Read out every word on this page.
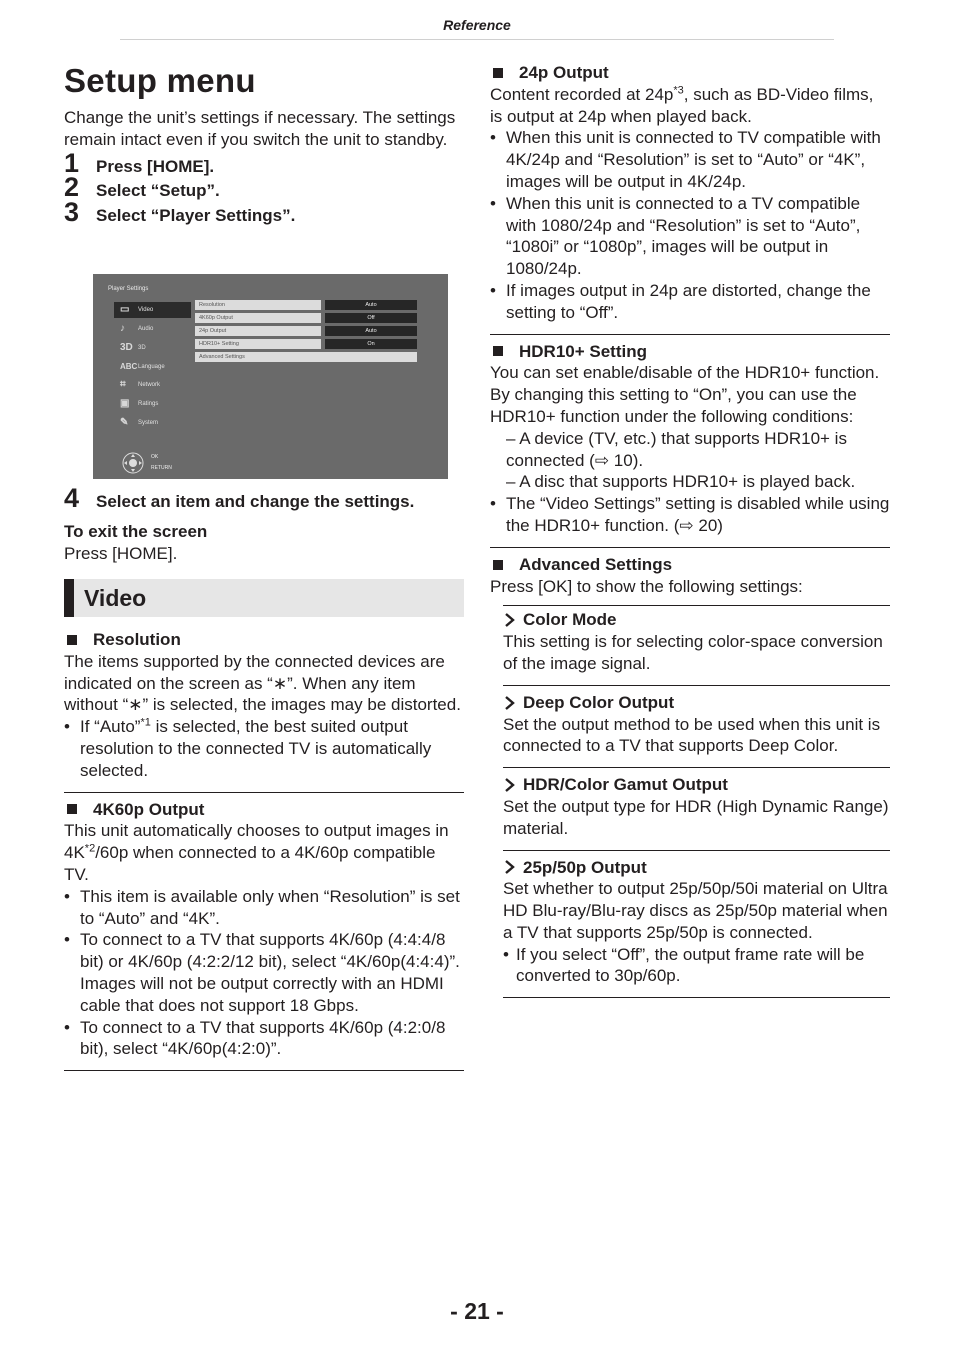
Reference
Setup menu

Change the unit’s settings if necessary. The settings remain intact even if you switch the unit to standby.

1 Press [HOME].
2 Select “Setup”.
3 Select “Player Settings”.
Player Settings
▭ Video
♪ Audio
3D 3D
ABC Language
⌗ Network
▣ Ratings
✎ System
Resolution	Auto
4K60p Output	Off
24p Output	Auto
HDR10+ Setting	On
Advanced Settings
OK
RETURN
4 Select an item and change the settings.

To exit the screen

Press [HOME].

Video
Resolution

The items supported by the connected devices are indicated on the screen as “∗”. When any item without “∗” is selected, the images may be distorted.

•

If “Auto”$^{*1}$ is selected, the best suited output resolution to the connected TV is automatically selected.

4K60p Output

This unit automatically chooses to output images in $4K^{*2}/60p$ when connected to a 4K/60p compatible TV.

•

This item is available only when “Resolution” is set to “Auto” and “4K”.

•

To connect to a TV that supports 4K/60p (4:4:4/8 bit) or 4K/60p (4:2:2/12 bit), select “4K/60p(4:4:4)”.

Images will not be output correctly with an HDMI cable that does not support 18 Gbps.

•

To connect to a TV that supports 4K/60p (4:2:0/8 bit), select “4K/60p(4:2:0)”.

24p Output

Content recorded at $24p^{*3}$, such as BD-Video films, is output at 24p when played back.

•

When this unit is connected to TV compatible with 4K/24p and “Resolution” is set to “Auto” or “4K”, images will be output in 4K/24p.

•

When this unit is connected to a TV compatible with 1080/24p and “Resolution” is set to “Auto”, “1080i” or “1080p”, images will be output in 1080/24p.

•

If images output in 24p are distorted, change the setting to “Off”.

HDR10+ Setting

You can set enable/disable of the HDR10+ function.

By changing this setting to “On”, you can use the HDR10+ function under the following conditions:

– A device (TV, etc.) that supports HDR10+ is connected (⇨ 10).

– A disc that supports HDR10+ is played back.

•

The “Video Settings” setting is disabled while using the HDR10+ function. (⇨ 20)

Advanced Settings

Press [OK] to show the following settings:

Color Mode

This setting is for selecting color-space conversion of the image signal.

Deep Color Output

Set the output method to be used when this unit is connected to a TV that supports Deep Color.

HDR/Color Gamut Output

Set the output type for HDR (High Dynamic Range) material.

25p/50p Output

Set whether to output 25p/50p/50i material on Ultra HD Blu-ray/Blu-ray discs as 25p/50p material when a TV that supports 25p/50p is connected.

•

If you select “Off”, the output frame rate will be converted to 30p/60p.

- 21 -
